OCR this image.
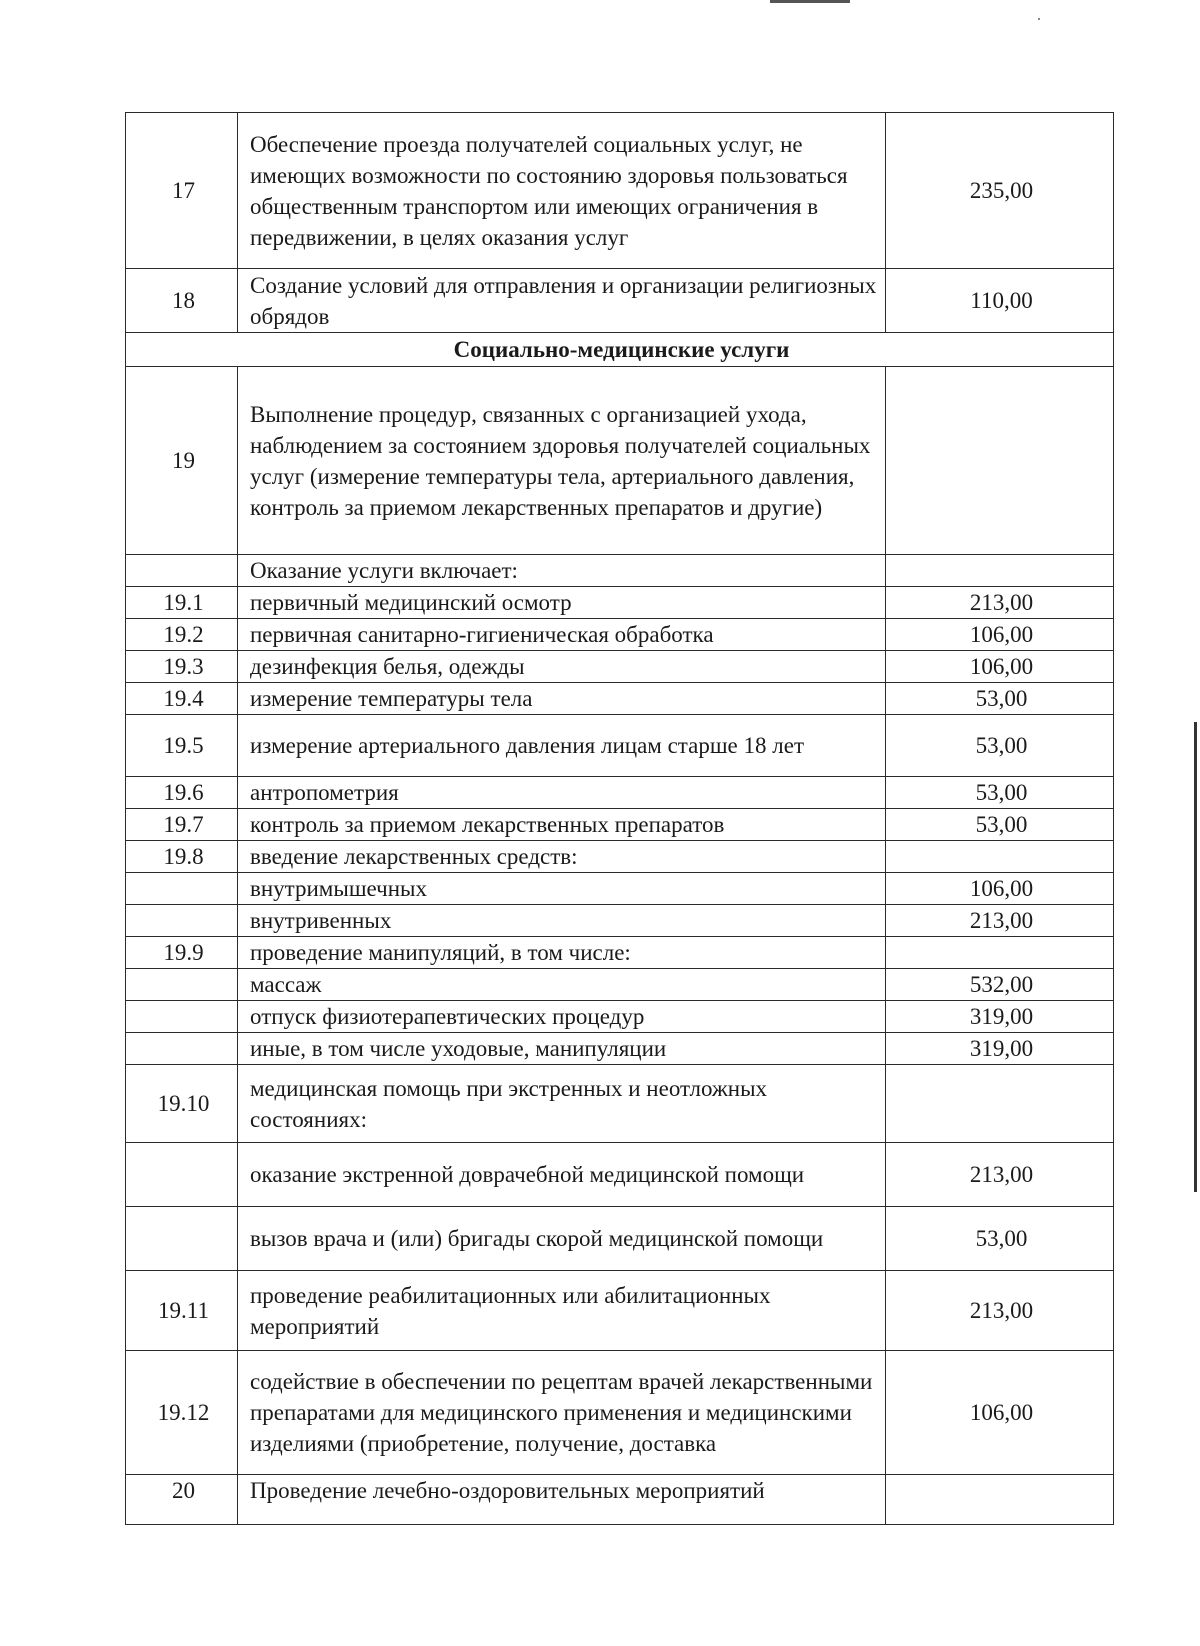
17	Обеспечение проезда получателей социальных услуг, не имеющих возможности по состоянию здоровья пользоваться общественным транспортом или имеющих ограничения в передвижении, в целях оказания услуг	235,00
18	Создание условий для отправления и организации религиозных обрядов	110,00
Социально-медицинские услуги		
19	Выполнение процедур, связанных с организацией ухода, наблюдением за состоянием здоровья получателей социальных услуг (измерение температуры тела, артериального давления, контроль за приемом лекарственных препаратов и другие)	
	Оказание услуги включает:	
19.1	первичный медицинский осмотр	213,00
19.2	первичная санитарно-гигиеническая обработка	106,00
19.3	дезинфекция белья, одежды	106,00
19.4	измерение температуры тела	53,00
19.5	измерение артериального давления лицам старше 18 лет	53,00
19.6	антропометрия	53,00
19.7	контроль за приемом лекарственных препаратов	53,00
19.8	введение лекарственных средств:	
	внутримышечных	106,00
	внутривенных	213,00
19.9	проведение манипуляций, в том числе:	
	массаж	532,00
	отпуск физиотерапевтических процедур	319,00
	иные, в том числе уходовые, манипуляции	319,00
19.10	медицинская помощь при экстренных и неотложных состояниях:	
	оказание экстренной доврачебной медицинской помощи	213,00
	вызов врача и (или) бригады скорой медицинской помощи	53,00
19.11	проведение реабилитационных или абилитационных мероприятий	213,00
19.12	содействие в обеспечении по рецептам врачей лекарственными препаратами для медицинского применения и медицинскими изделиями (приобретение, получение, доставка	106,00
20	Проведение лечебно-оздоровительных мероприятий	
